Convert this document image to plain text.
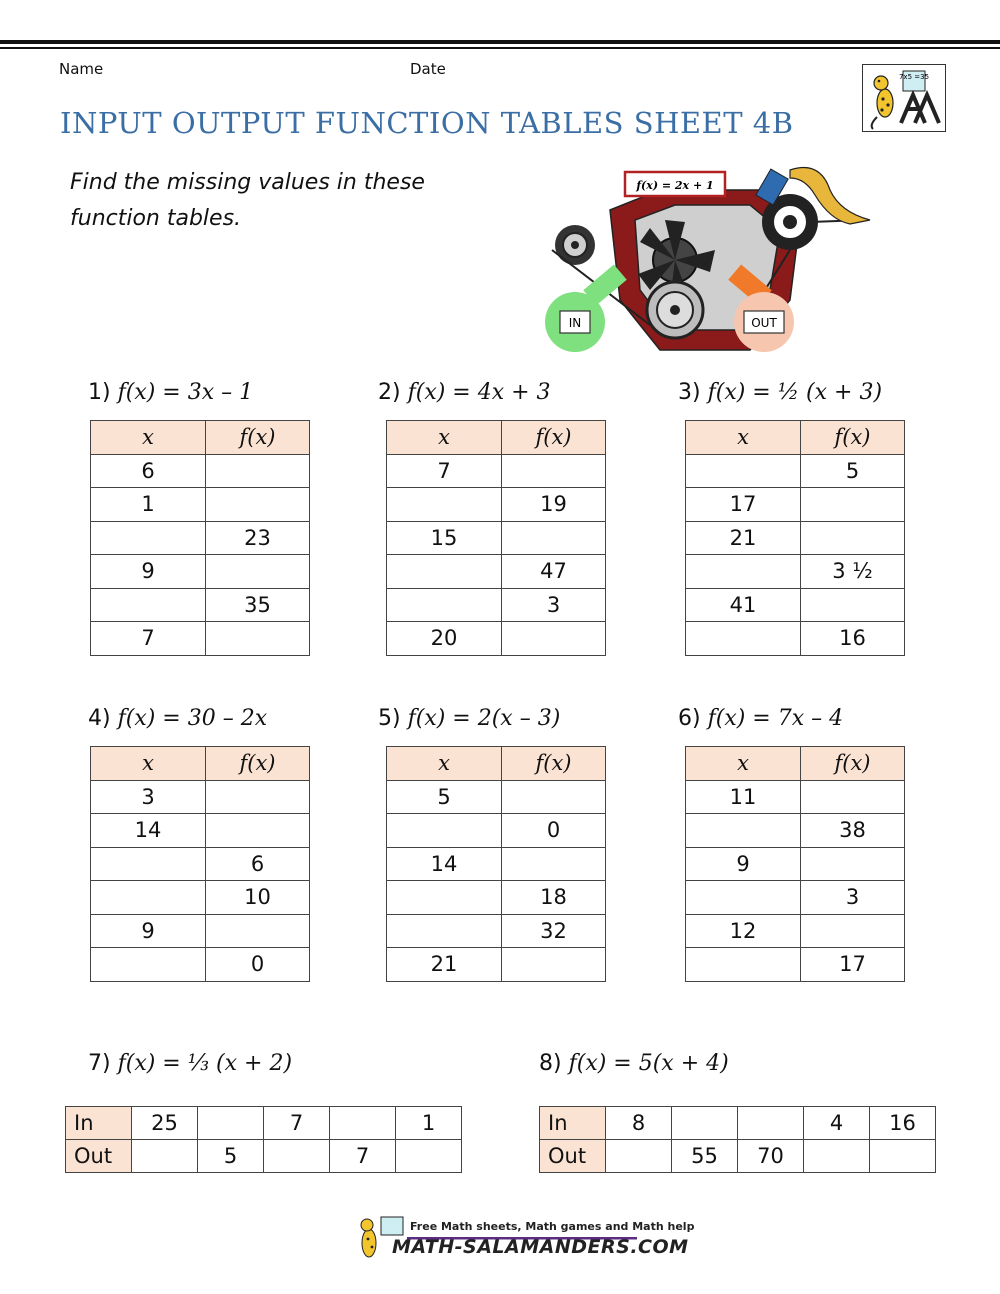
Name	Date
INPUT OUTPUT FUNCTION TABLES SHEET 4B
7x5 =35
Find the missing values in these function tables.
f(x) = 2x + 1
IN	OUT
1) f(x) = 3x – 1
x	f(x)
6	
1	
	23
9	
	35
7	
2) f(x) = 4x + 3
x	f(x)
7	
	19
15	
	47
	3
20	
3) f(x) = ½ (x + 3)
x	f(x)
	5
17	
21	
	3 ½
41	
	16
4) f(x) = 30 – 2x
x	f(x)
3	
14	
	6
	10
9	
	0
5) f(x) = 2(x – 3)
x	f(x)
5	
	0
14	
	18
	32
21	
6) f(x) = 7x – 4
x	f(x)
11	
	38
9	
	3
12	
	17
7) f(x) = ⅓ (x + 2)
In	25		7		1
Out		5		7	
8) f(x) = 5(x + 4)
In	8			4	16
Out		55	70		
Free Math sheets, Math games and Math help
MATH-SALAMANDERS.COM
